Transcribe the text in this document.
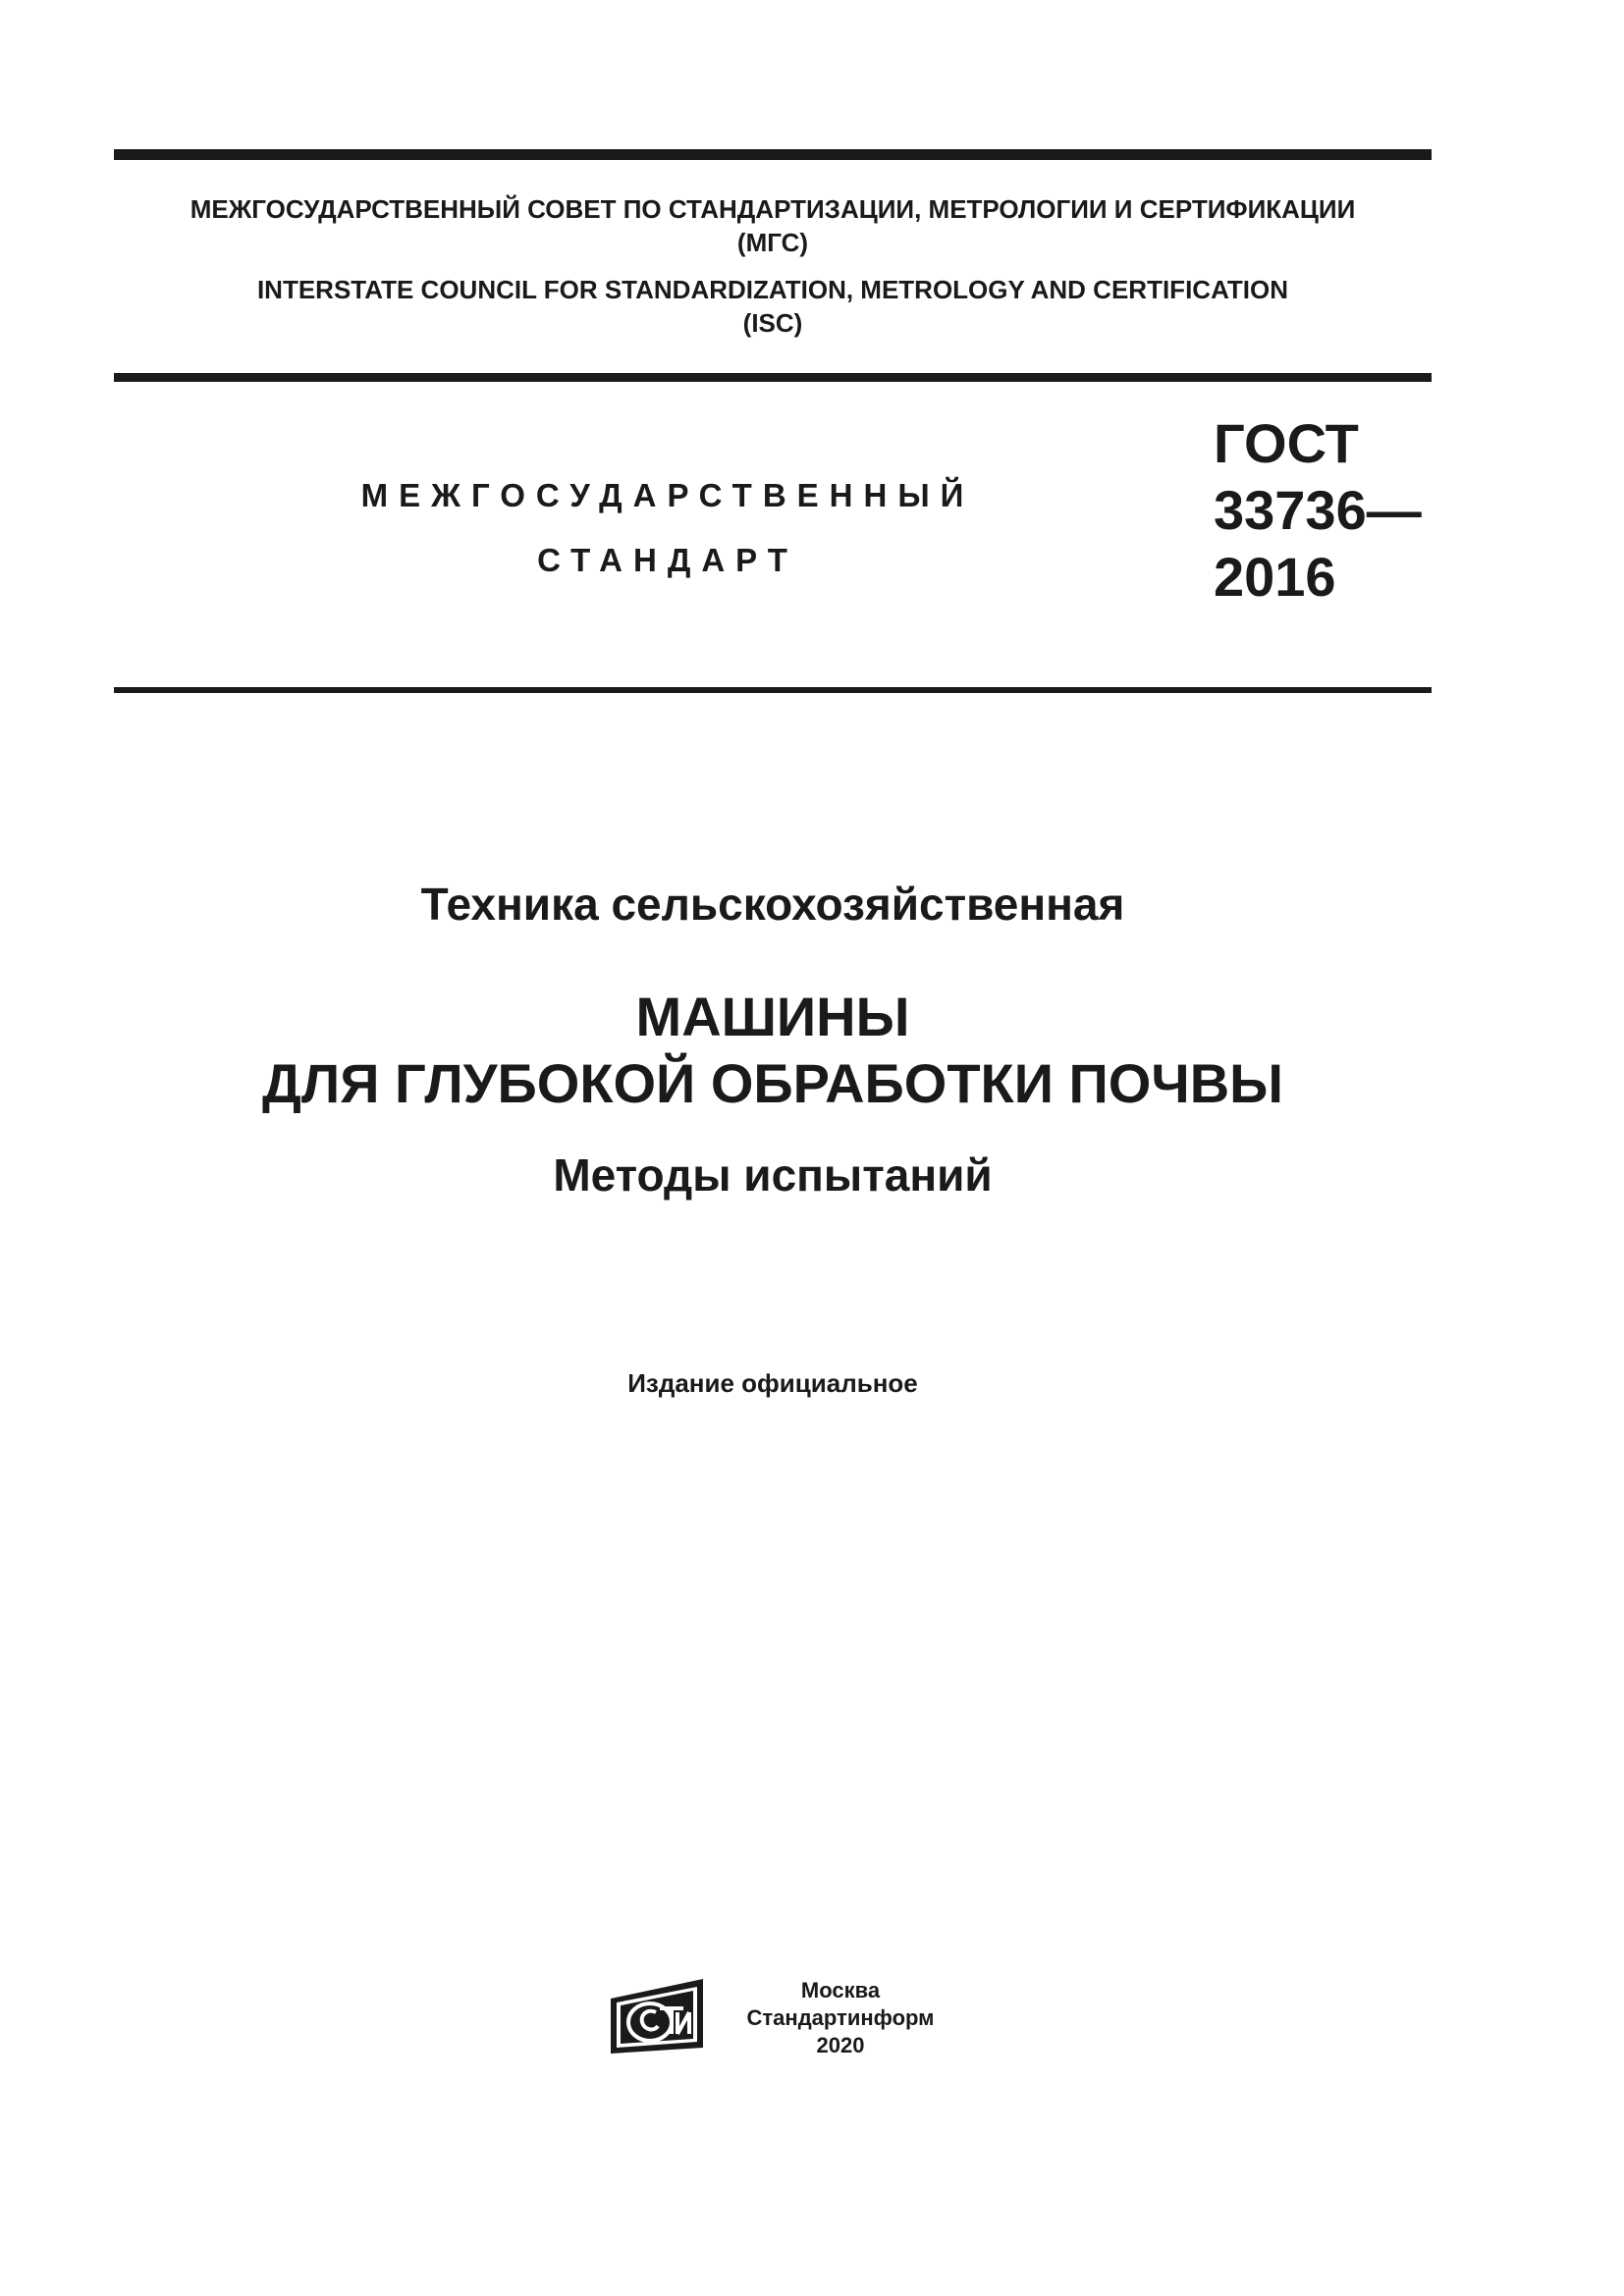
МЕЖГОСУДАРСТВЕННЫЙ СОВЕТ ПО СТАНДАРТИЗАЦИИ, МЕТРОЛОГИИ И СЕРТИФИКАЦИИ
(МГС)
INTERSTATE COUNCIL FOR STANDARDIZATION, METROLOGY AND CERTIFICATION
(ISC)
МЕЖГОСУДАРСТВЕННЫЙ
СТАНДАРТ
ГОСТ
33736—
2016
Техника сельскохозяйственная
МАШИНЫ
ДЛЯ ГЛУБОКОЙ ОБРАБОТКИ ПОЧВЫ
Методы испытаний
Издание официальное
Москва
Стандартинформ
2020
